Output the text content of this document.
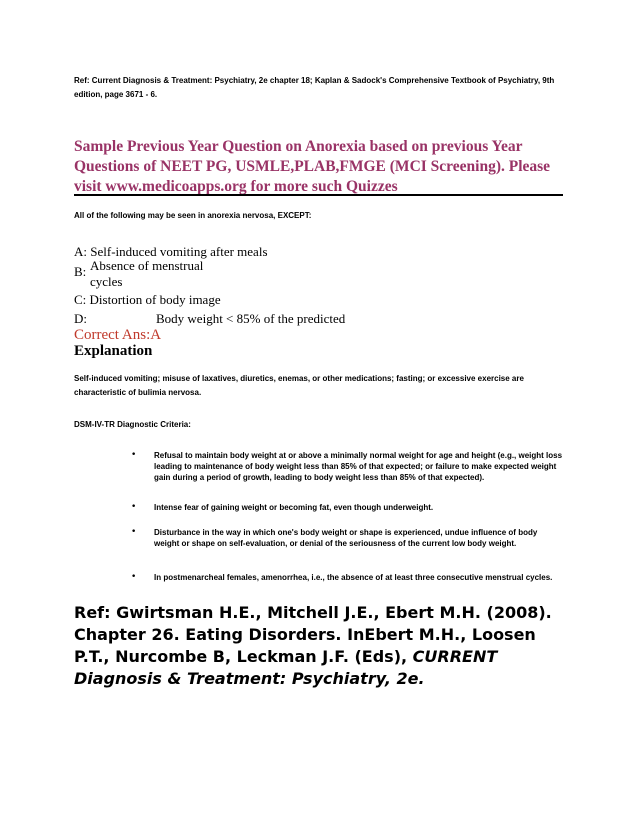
Ref: Current Diagnosis & Treatment: Psychiatry, 2e chapter 18; Kaplan & Sadock's Comprehensive Textbook of Psychiatry, 9th edition, page 3671 - 6.
Sample Previous Year Question on Anorexia based on previous Year Questions of NEET PG, USMLE,PLAB,FMGE (MCI Screening). Please visit www.medicoapps.org for more such Quizzes
All of the following may be seen in anorexia nervosa, EXCEPT:
A: Self-induced vomiting after meals
B: Absence of menstrual cycles
C: Distortion of body image
D:	Body weight < 85% of the predicted
Correct Ans:A
Explanation
Self-induced vomiting; misuse of laxatives, diuretics, enemas, or other medications; fasting; or excessive exercise are characteristic of bulimia nervosa.
DSM-IV-TR Diagnostic Criteria:
• Refusal to maintain body weight at or above a minimally normal weight for age and height (e.g., weight loss leading to maintenance of body weight less than 85% of that expected; or failure to make expected weight gain during a period of growth, leading to body weight less than 85% of that expected).
• Intense fear of gaining weight or becoming fat, even though underweight.
• Disturbance in the way in which one's body weight or shape is experienced, undue influence of body weight or shape on self-evaluation, or denial of the seriousness of the current low body weight.
• In postmenarcheal females, amenorrhea, i.e., the absence of at least three consecutive menstrual cycles.
Ref: Gwirtsman H.E., Mitchell J.E., Ebert M.H. (2008). Chapter 26. Eating Disorders. InEbert M.H., Loosen P.T., Nurcombe B, Leckman J.F. (Eds), CURRENT Diagnosis & Treatment: Psychiatry, 2e.
